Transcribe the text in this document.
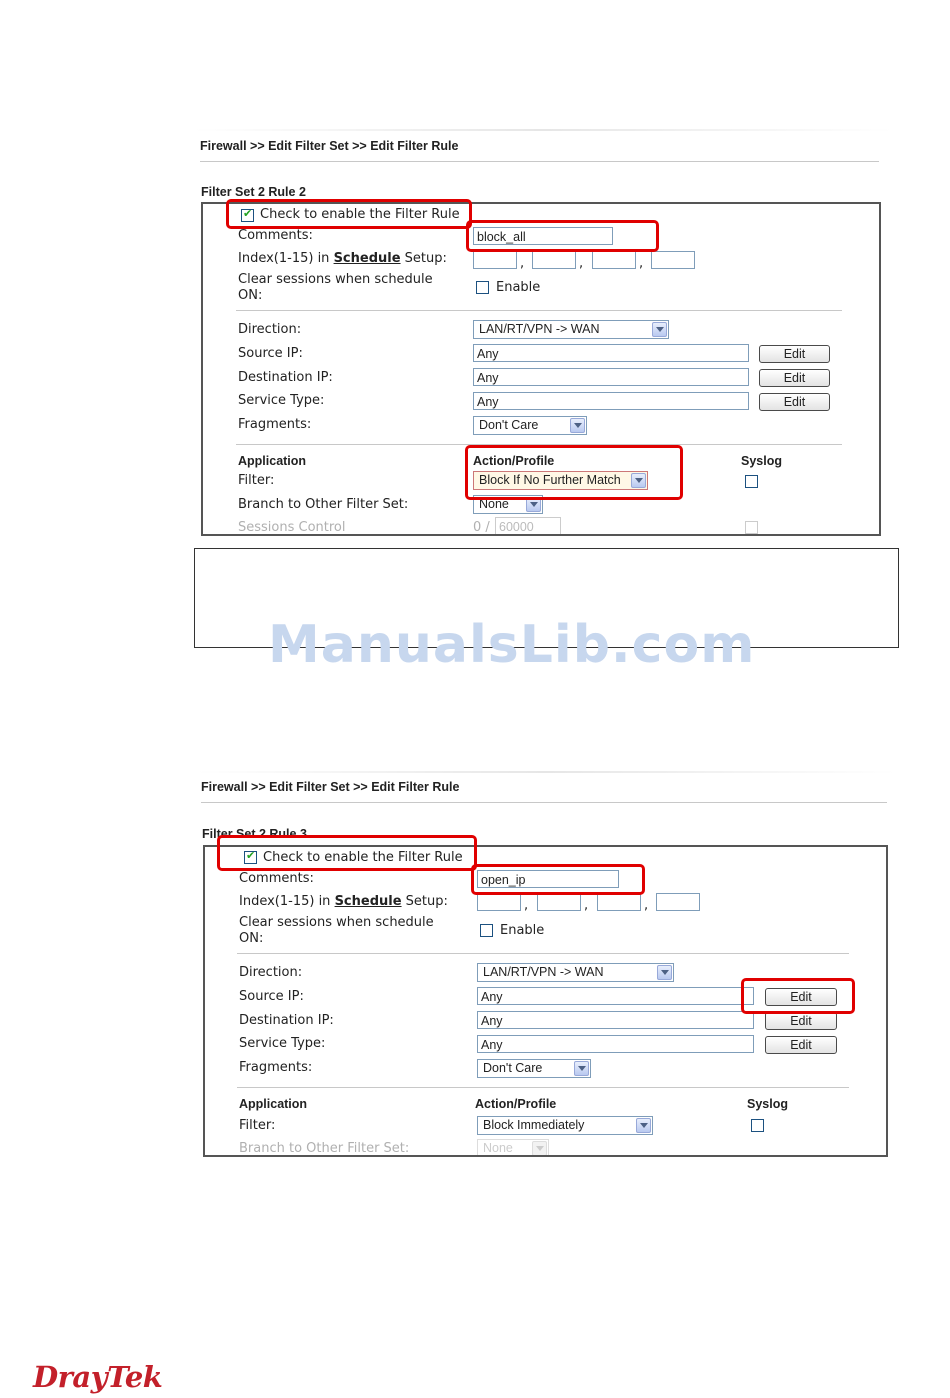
Firewall >> Edit Filter Set >> Edit Filter Rule
Filter Set 2 Rule 2
✔
Check to enable the Filter Rule
Comments:	block_all
Index(1-15) in Schedule Setup:	,	,	,
Clear sessions when schedule
ON:
Enable
Direction:	LAN/RT/VPN -> WAN
Source IP:	Any	Edit
Destination IP:	Any	Edit
Service Type:	Any	Edit
Fragments:	Don't Care
Application	Action/Profile	Syslog
Filter:	Block If No Further Match
Branch to Other Filter Set:	None
Sessions Control	0 / 60000
ManualsLib.com
Firewall >> Edit Filter Set >> Edit Filter Rule
Filter Set 2 Rule 3
✔
Check to enable the Filter Rule
Comments:	open_ip
Index(1-15) in Schedule Setup:	,	,	,
Clear sessions when schedule
ON:
Enable
Direction:	LAN/RT/VPN -> WAN
Source IP:	Any	Edit
Destination IP:	Any	Edit
Service Type:	Any	Edit
Fragments:	Don't Care
Application	Action/Profile	Syslog
Filter:	Block Immediately
Branch to Other Filter Set:	None
DrayTek
